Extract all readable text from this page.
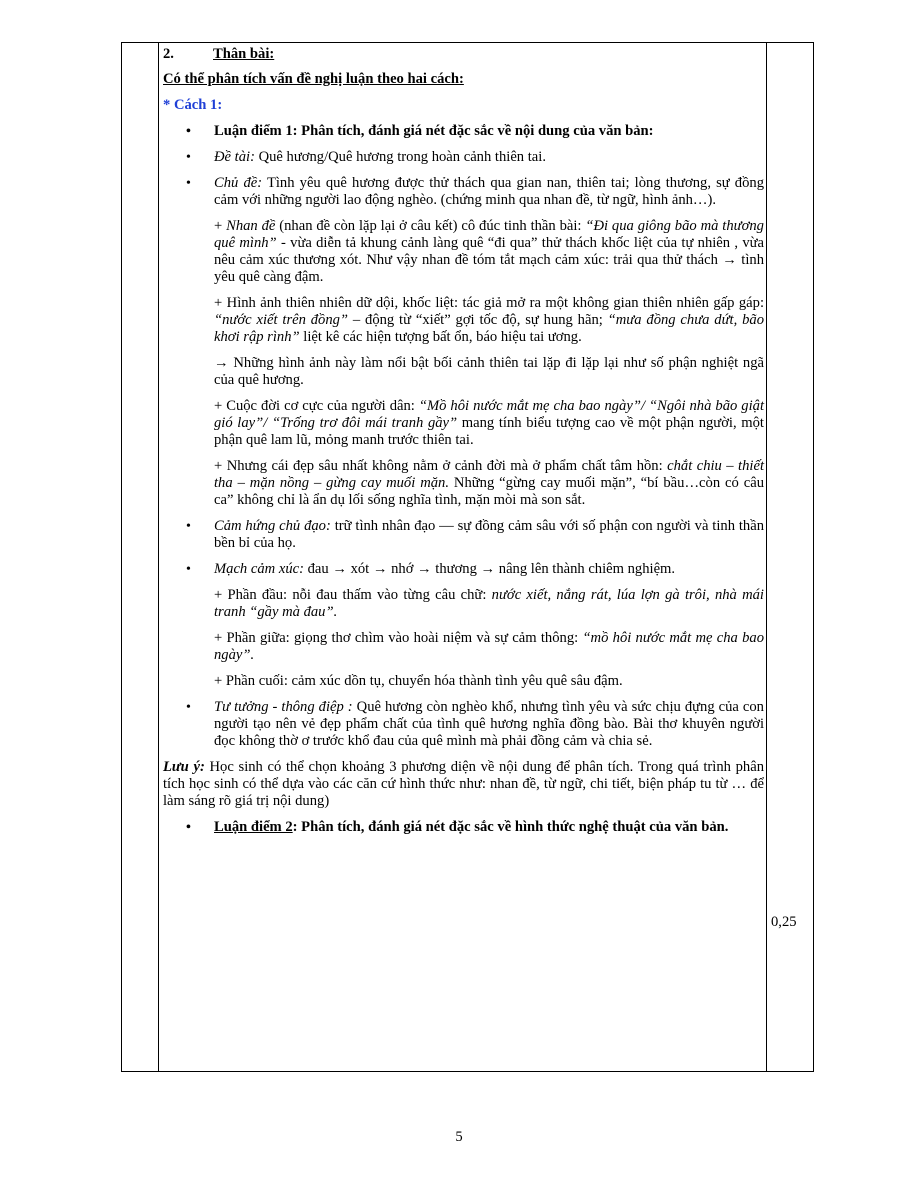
2.	Thân bài:

Có thể phân tích vấn đề nghị luận theo hai cách:

* Cách 1:

• Luận điểm 1: Phân tích, đánh giá nét đặc sắc về nội dung của văn bản:
• Đề tài: Quê hương/Quê hương trong hoàn cảnh thiên tai.
• Chủ đề: Tình yêu quê hương được thử thách qua gian nan, thiên tai; lòng thương, sự đồng cảm với những người lao động nghèo. (chứng minh qua nhan đề, từ ngữ, hình ảnh…).

+ Nhan đề (nhan đề còn lặp lại ở câu kết) cô đúc tinh thần bài: “Đi qua giông bão mà thương quê mình” - vừa diễn tả khung cảnh làng quê “đi qua” thử thách khốc liệt của tự nhiên , vừa nêu cảm xúc thương xót. Như vậy nhan đề tóm tắt mạch cảm xúc: trải qua thử thách → tình yêu quê càng đậm.

+ Hình ảnh thiên nhiên dữ dội, khốc liệt: tác giả mở ra một không gian thiên nhiên gấp gáp: “nước xiết trên đồng” – động từ “xiết” gợi tốc độ, sự hung hãn; “mưa đồng chưa dứt, bão khơi rập rình” liệt kê các hiện tượng bất ổn, báo hiệu tai ương.

→ Những hình ảnh này làm nổi bật bối cảnh thiên tai lặp đi lặp lại như số phận nghiệt ngã của quê hương.

+ Cuộc đời cơ cực của người dân: “Mồ hôi nước mắt mẹ cha bao ngày”/ “Ngôi nhà bão giật gió lay”/ “Trống trơ đôi mái tranh gầy” mang tính biểu tượng cao về một phận người, một phận quê lam lũ, mỏng manh trước thiên tai.

+ Nhưng cái đẹp sâu nhất không nằm ở cảnh đời mà ở phẩm chất tâm hồn: chắt chiu – thiết tha – mặn nồng – gừng cay muối mặn. Những “gừng cay muối mặn”, “bí bầu…còn có câu ca” không chỉ là ẩn dụ lối sống nghĩa tình, mặn mòi mà son sắt.

• Cảm hứng chủ đạo: trữ tình nhân đạo — sự đồng cảm sâu với số phận con người và tinh thần bền bỉ của họ.
• Mạch cảm xúc: đau → xót → nhớ → thương → nâng lên thành chiêm nghiệm.

+ Phần đầu: nỗi đau thấm vào từng câu chữ: nước xiết, nắng rát, lúa lợn gà trôi, nhà mái tranh “gầy mà đau”.

+ Phần giữa: giọng thơ chìm vào hoài niệm và sự cảm thông: “mồ hôi nước mắt mẹ cha bao ngày”.

+ Phần cuối: cảm xúc dồn tụ, chuyển hóa thành tình yêu quê sâu đậm.

• Tư tưởng - thông điệp : Quê hương còn nghèo khổ, nhưng tình yêu và sức chịu đựng của con người tạo nên vẻ đẹp phẩm chất của tình quê hương nghĩa đồng bào. Bài thơ khuyên người đọc không thờ ơ trước khổ đau của quê mình mà phải đồng cảm và chia sẻ.

Lưu ý: Học sinh có thể chọn khoảng 3 phương diện về nội dung để phân tích. Trong quá trình phân tích học sinh có thể dựa vào các căn cứ hình thức như: nhan đề, từ ngữ, chi tiết, biện pháp tu từ … để làm sáng rõ giá trị nội dung)

• Luận điểm 2: Phân tích, đánh giá nét đặc sắc về hình thức nghệ thuật của văn bản.
0,25
5
